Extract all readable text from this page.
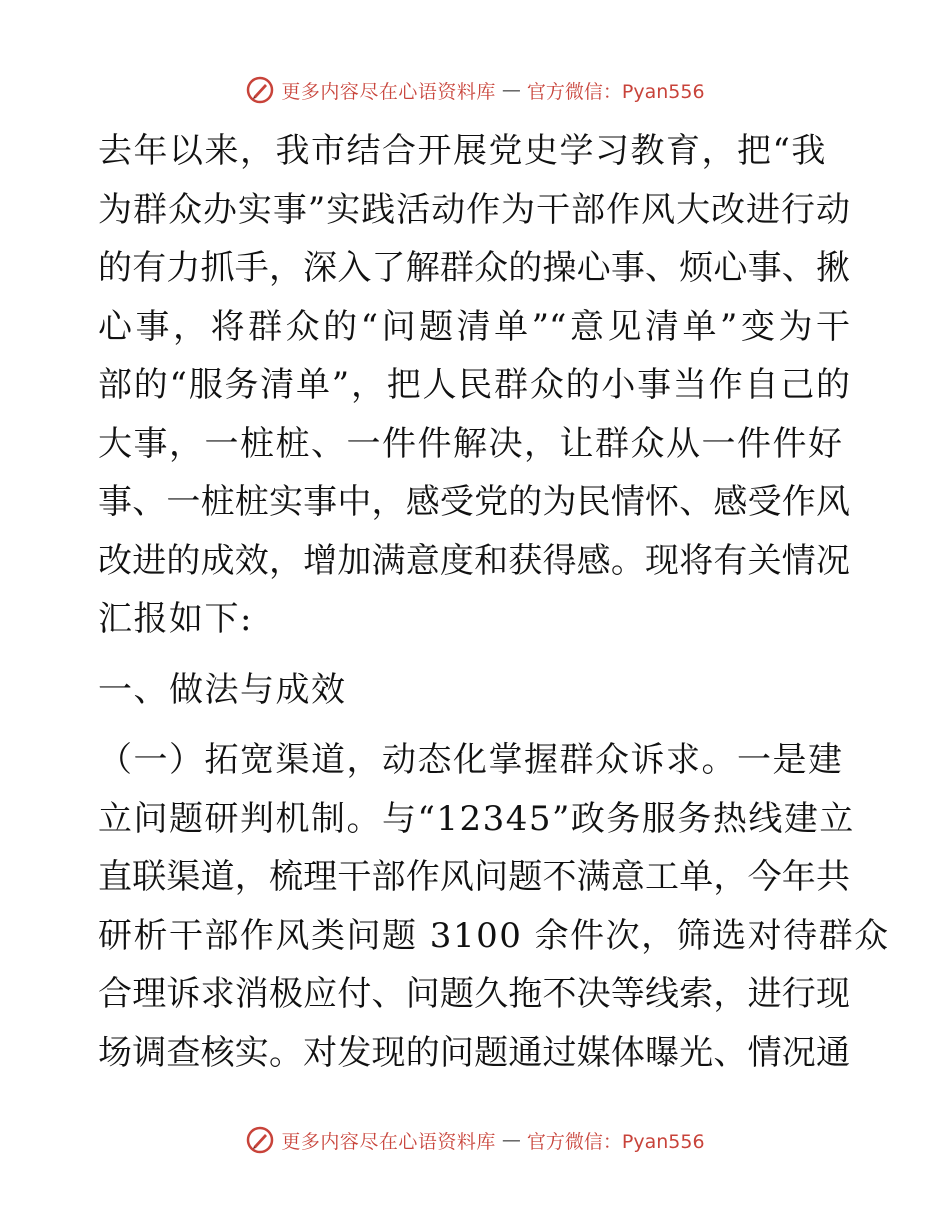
更多内容尽在心语资料库 — 官方微信：Pyan556
去年以来，我市结合开展党史学习教育，把“我
为群众办实事”实践活动作为干部作风大改进行动
的有力抓手，深入了解群众的操心事、烦心事、揪
心事，将群众的“问题清单”“意见清单”变为干
部的“服务清单”，把人民群众的小事当作自己的
大事，一桩桩、一件件解决，让群众从一件件好
事、一桩桩实事中，感受党的为民情怀、感受作风
改进的成效，增加满意度和获得感。现将有关情况
汇报如下:
一、做法与成效
（一）拓宽渠道，动态化掌握群众诉求。一是建
立问题研判机制。与“12345”政务服务热线建立
直联渠道，梳理干部作风问题不满意工单，今年共
研析干部作风类问题 3100 余件次，筛选对待群众
合理诉求消极应付、问题久拖不决等线索，进行现
场调查核实。对发现的问题通过媒体曝光、情况通
更多内容尽在心语资料库 — 官方微信：Pyan556
